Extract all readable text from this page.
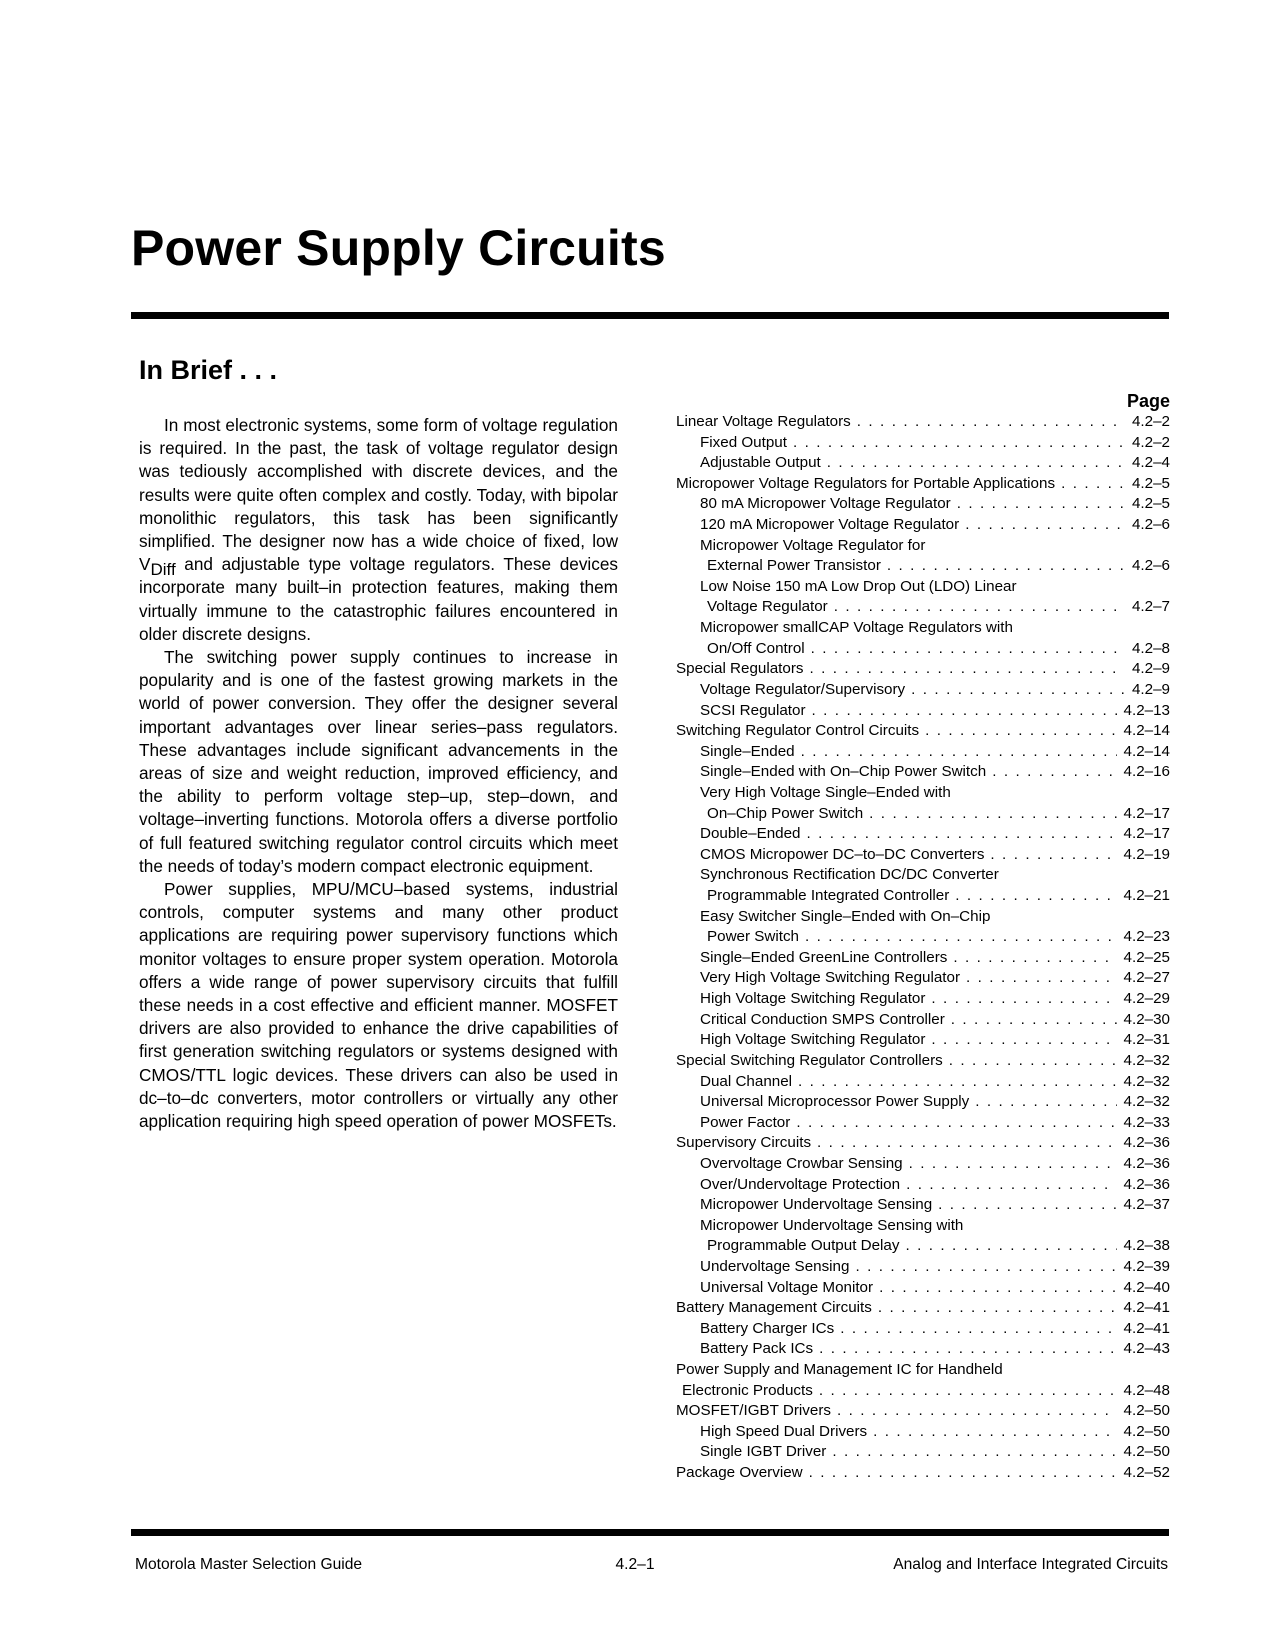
Power Supply Circuits
In Brief . . .

In most electronic systems, some form of voltage regulation is required. In the past, the task of voltage regulator design was tediously accomplished with discrete devices, and the results were quite often complex and costly. Today, with bipolar monolithic regulators, this task has been significantly simplified. The designer now has a wide choice of fixed, low $V_{Diff}$ and adjustable type voltage regulators. These devices incorporate many built–in protection features, making them virtually immune to the catastrophic failures encountered in older discrete designs.

The switching power supply continues to increase in popularity and is one of the fastest growing markets in the world of power conversion. They offer the designer several important advantages over linear series–pass regulators. These advantages include significant advancements in the areas of size and weight reduction, improved efficiency, and the ability to perform voltage step–up, step–down, and voltage–inverting functions. Motorola offers a diverse portfolio of full featured switching regulator control circuits which meet the needs of today’s modern compact electronic equipment.

Power supplies, MPU/MCU–based systems, industrial controls, computer systems and many other product applications are requiring power supervisory functions which monitor voltages to ensure proper system operation. Motorola offers a wide range of power supervisory circuits that fulfill these needs in a cost effective and efficient manner. MOSFET drivers are also provided to enhance the drive capabilities of first generation switching regulators or systems designed with CMOS/TTL logic devices. These drivers can also be used in dc–to–dc converters, motor controllers or virtually any other application requiring high speed operation of power MOSFETs.

Page
Linear Voltage Regulators . . .	4.2–2
Fixed Output . . .	4.2–2
Adjustable Output . . .	4.2–4
Micropower Voltage Regulators for Portable Applications . . .	4.2–5
80 mA Micropower Voltage Regulator . . .	4.2–5
120 mA Micropower Voltage Regulator . . .	4.2–6
Micropower Voltage Regulator for
External Power Transistor . . .	4.2–6
Low Noise 150 mA Low Drop Out (LDO) Linear
Voltage Regulator . . .	4.2–7
Micropower smallCAP Voltage Regulators with
On/Off Control . . .	4.2–8
Special Regulators . . .	4.2–9
Voltage Regulator/Supervisory . . .	4.2–9
SCSI Regulator . . .	4.2–13
Switching Regulator Control Circuits . . .	4.2–14
Single–Ended . . .	4.2–14
Single–Ended with On–Chip Power Switch . . .	4.2–16
Very High Voltage Single–Ended with
On–Chip Power Switch . . .	4.2–17
Double–Ended . . .	4.2–17
CMOS Micropower DC–to–DC Converters . . .	4.2–19
Synchronous Rectification DC/DC Converter
Programmable Integrated Controller . . .	4.2–21
Easy Switcher Single–Ended with On–Chip
Power Switch . . .	4.2–23
Single–Ended GreenLine Controllers . . .	4.2–25
Very High Voltage Switching Regulator . . .	4.2–27
High Voltage Switching Regulator . . .	4.2–29
Critical Conduction SMPS Controller . . .	4.2–30
High Voltage Switching Regulator . . .	4.2–31
Special Switching Regulator Controllers . . .	4.2–32
Dual Channel . . .	4.2–32
Universal Microprocessor Power Supply . . .	4.2–32
Power Factor . . .	4.2–33
Supervisory Circuits . . .	4.2–36
Overvoltage Crowbar Sensing . . .	4.2–36
Over/Undervoltage Protection . . .	4.2–36
Micropower Undervoltage Sensing . . .	4.2–37
Micropower Undervoltage Sensing with
Programmable Output Delay . . .	4.2–38
Undervoltage Sensing . . .	4.2–39
Universal Voltage Monitor . . .	4.2–40
Battery Management Circuits . . .	4.2–41
Battery Charger ICs . . .	4.2–41
Battery Pack ICs . . .	4.2–43
Power Supply and Management IC for Handheld
Electronic Products . . .	4.2–48
MOSFET/IGBT Drivers . . .	4.2–50
High Speed Dual Drivers . . .	4.2–50
Single IGBT Driver . . .	4.2–50
Package Overview . . .	4.2–52

Motorola Master Selection Guide	4.2–1	Analog and Interface Integrated Circuits
